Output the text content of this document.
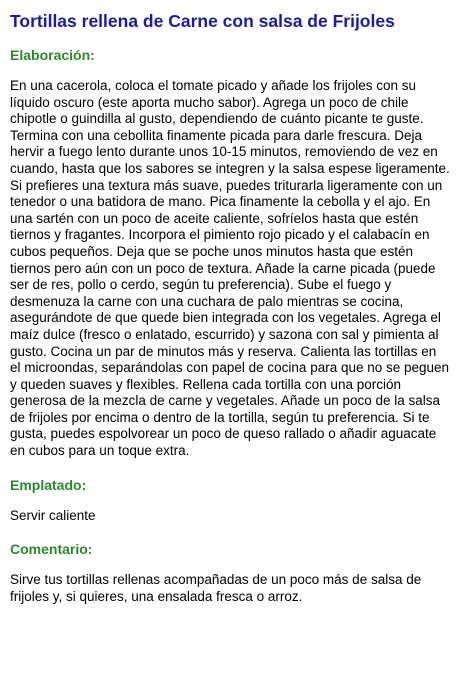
Tortillas rellena de Carne con salsa de Frijoles
Elaboración:

En una cacerola, coloca el tomate picado y añade los frijoles con su líquido oscuro (este aporta mucho sabor). Agrega un poco de chile chipotle o guindilla al gusto, dependiendo de cuánto picante te guste. Termina con una cebollita finamente picada para darle frescura. Deja hervir a fuego lento durante unos 10-15 minutos, removiendo de vez en cuando, hasta que los sabores se integren y la salsa espese ligeramente. Si prefieres una textura más suave, puedes triturarla ligeramente con un tenedor o una batidora de mano. Pica finamente la cebolla y el ajo. En una sartén con un poco de aceite caliente, sofríelos hasta que estén tiernos y fragantes. Incorpora el pimiento rojo picado y el calabacín en cubos pequeños. Deja que se poche unos minutos hasta que estén tiernos pero aún con un poco de textura. Añade la carne picada (puede ser de res, pollo o cerdo, según tu preferencia). Sube el fuego y desmenuza la carne con una cuchara de palo mientras se cocina, asegurándote de que quede bien integrada con los vegetales. Agrega el maíz dulce (fresco o enlatado, escurrido) y sazona con sal y pimienta al gusto. Cocina un par de minutos más y reserva. Calienta las tortillas en el microondas, separándolas con papel de cocina para que no se peguen y queden suaves y flexibles. Rellena cada tortilla con una porción generosa de la mezcla de carne y vegetales. Añade un poco de la salsa de frijoles por encima o dentro de la tortilla, según tu preferencia. Si te gusta, puedes espolvorear un poco de queso rallado o añadir aguacate en cubos para un toque extra.

Emplatado:

Servir caliente

Comentario:

Sirve tus tortillas rellenas acompañadas de un poco más de salsa de frijoles y, si quieres, una ensalada fresca o arroz.
